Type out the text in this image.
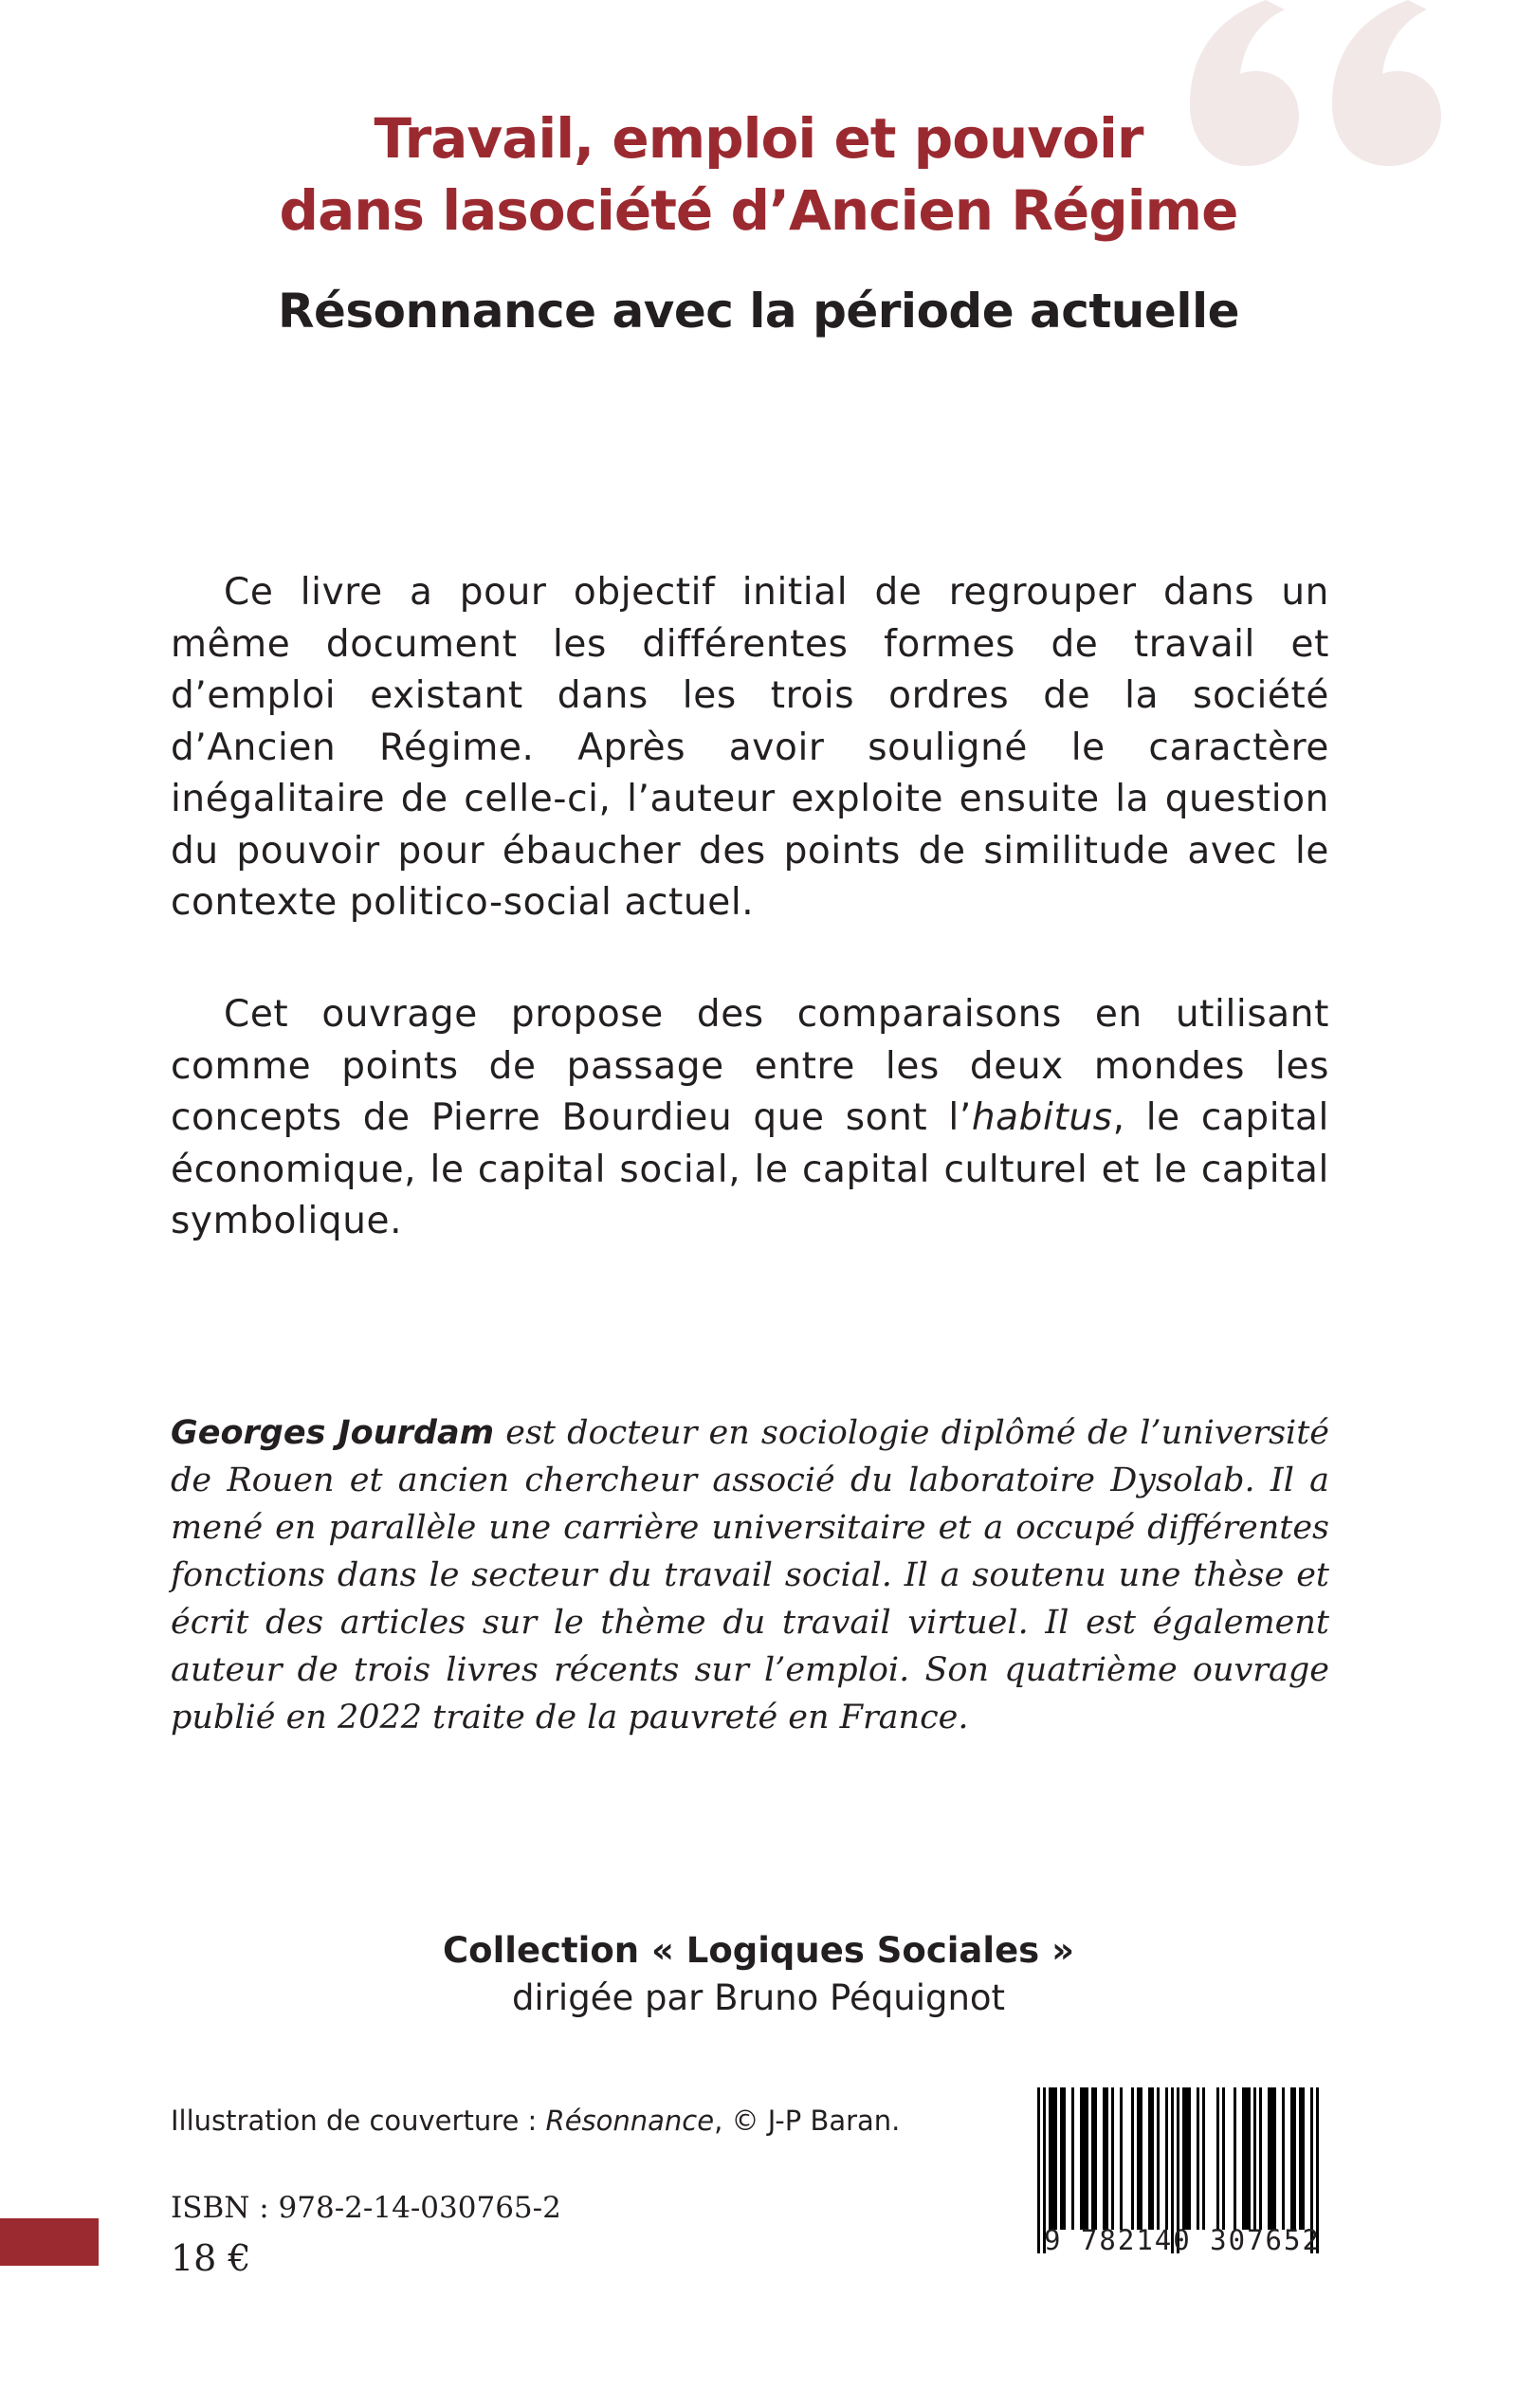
Travail, emploi et pouvoir
dans lasociété d’Ancien Régime
Résonnance avec la période actuelle

Ce livre a pour objectif initial de regrouper dans un même document les différentes formes de travail et d’emploi existant dans les trois ordres de la société d’Ancien Régime. Après avoir souligné le caractère inégalitaire de celle-ci, l’auteur exploite ensuite la question du pouvoir pour ébaucher des points de similitude avec le contexte politico-social actuel.

Cet ouvrage propose des comparaisons en utilisant comme points de passage entre les deux mondes les concepts de Pierre Bourdieu que sont l’habitus, le capital économique, le capital social, le capital culturel et le capital symbolique.

Georges Jourdam est docteur en sociologie diplômé de l’université de Rouen et ancien chercheur associé du laboratoire Dysolab. Il a mené en parallèle une carrière universitaire et a occupé différentes fonctions dans le secteur du travail social. Il a soutenu une thèse et écrit des articles sur le thème du travail virtuel. Il est également auteur de trois livres récents sur l’emploi. Son quatrième ouvrage publié en 2022 traite de la pauvreté en France.

Collection « Logiques Sociales »
dirigée par Bruno Péquignot
Illustration de couverture : Résonnance, © J-P Baran.
ISBN : 978-2-14-030765-2
18 €	9 782140 307652
